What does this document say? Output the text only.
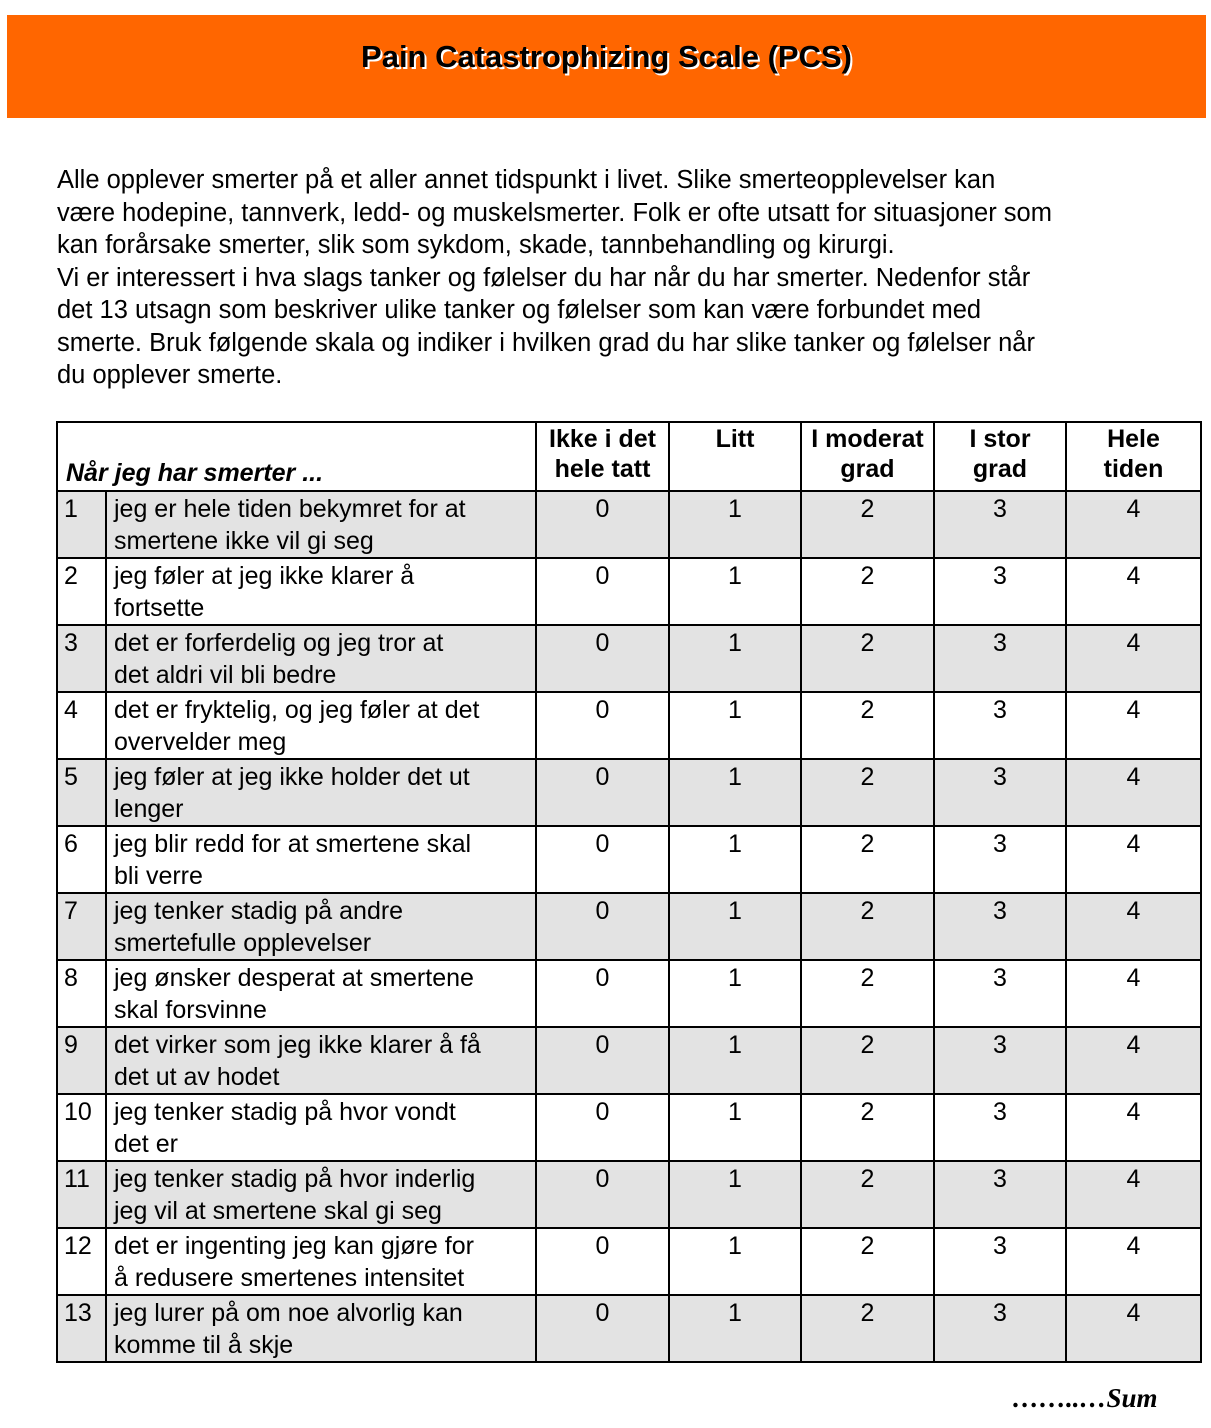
Pain Catastrophizing Scale (PCS)

Alle opplever smerter på et aller annet tidspunkt i livet. Slike smerteopplevelser kan

være hodepine, tannverk, ledd- og muskelsmerter. Folk er ofte utsatt for situasjoner som

kan forårsake smerter, slik som sykdom, skade, tannbehandling og kirurgi.

Vi er interessert i hva slags tanker og følelser du har når du har smerter. Nedenfor står

det 13 utsagn som beskriver ulike tanker og følelser som kan være forbundet med

smerte. Bruk følgende skala og indiker i hvilken grad du har slike tanker og følelser når

du opplever smerte.

Når jeg har smerter ...		Ikke i det
hele tatt	Litt	I moderat
grad	I stor
grad	Hele
tiden
1	jeg er hele tiden bekymret for at
smertene ikke vil gi seg	0	1	2	3	4
2	jeg føler at jeg ikke klarer å
fortsette	0	1	2	3	4
3	det er forferdelig og jeg tror at
det aldri vil bli bedre	0	1	2	3	4
4	det er fryktelig, og jeg føler at det
overvelder meg	0	1	2	3	4
5	jeg føler at jeg ikke holder det ut
lenger	0	1	2	3	4
6	jeg blir redd for at smertene skal
bli verre	0	1	2	3	4
7	jeg tenker stadig på andre
smertefulle opplevelser	0	1	2	3	4
8	jeg ønsker desperat at smertene
skal forsvinne	0	1	2	3	4
9	det virker som jeg ikke klarer å få
det ut av hodet	0	1	2	3	4
10	jeg tenker stadig på hvor vondt
det er	0	1	2	3	4
11	jeg tenker stadig på hvor inderlig
jeg vil at smertene skal gi seg	0	1	2	3	4
12	det er ingenting jeg kan gjøre for
å redusere smertenes intensitet	0	1	2	3	4
13	jeg lurer på om noe alvorlig kan
komme til å skje	0	1	2	3	4
……..…Sum
